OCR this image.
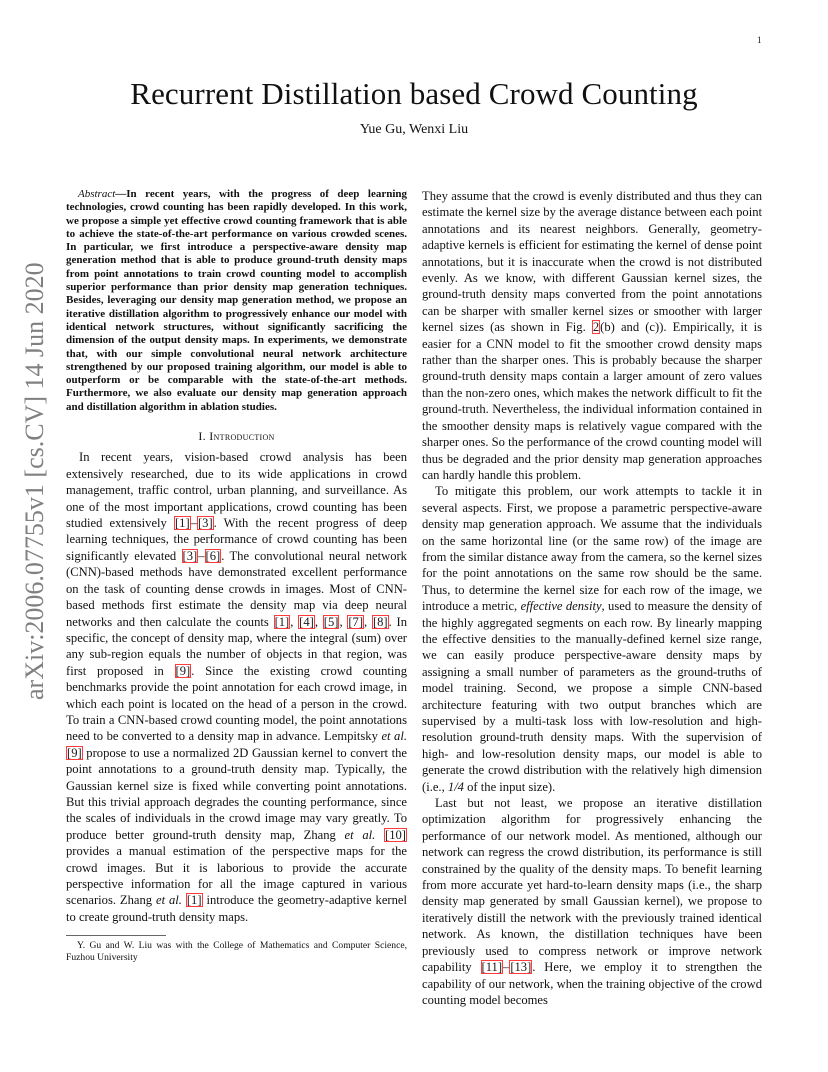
1
Recurrent Distillation based Crowd Counting
Yue Gu, Wenxi Liu
arXiv:2006.07755v1 [cs.CV] 14 Jun 2020

Abstract—In recent years, with the progress of deep learning technologies, crowd counting has been rapidly developed. In this work, we propose a simple yet effective crowd counting framework that is able to achieve the state-of-the-art performance on various crowded scenes. In particular, we first introduce a perspective-aware density map generation method that is able to produce ground-truth density maps from point annotations to train crowd counting model to accomplish superior performance than prior density map generation techniques. Besides, leveraging our density map generation method, we propose an iterative distillation algorithm to progressively enhance our model with identical network structures, without significantly sacrificing the dimension of the output density maps. In experiments, we demonstrate that, with our simple convolutional neural network architecture strengthened by our proposed training algorithm, our model is able to outperform or be comparable with the state-of-the-art methods. Furthermore, we also evaluate our density map generation approach and distillation algorithm in ablation studies.

I. Introduction

In recent years, vision-based crowd analysis has been extensively researched, due to its wide applications in crowd management, traffic control, urban planning, and surveillance. As one of the most important applications, crowd counting has been studied extensively [1]–[3]. With the recent progress of deep learning techniques, the performance of crowd counting has been significantly elevated [3]–[6]. The convolutional neural network (CNN)-based methods have demonstrated excellent performance on the task of counting dense crowds in images. Most of CNN-based methods first estimate the density map via deep neural networks and then calculate the counts [1], [4], [5], [7], [8]. In specific, the concept of density map, where the integral (sum) over any sub-region equals the number of objects in that region, was first proposed in [9]. Since the existing crowd counting benchmarks provide the point annotation for each crowd image, in which each point is located on the head of a person in the crowd. To train a CNN-based crowd counting model, the point annotations need to be converted to a density map in advance. Lempitsky et al. [9] propose to use a normalized 2D Gaussian kernel to convert the point annotations to a ground-truth density map. Typically, the Gaussian kernel size is fixed while converting point annotations. But this trivial approach degrades the counting performance, since the scales of individuals in the crowd image may vary greatly. To produce better ground-truth density map, Zhang et al. [10] provides a manual estimation of the perspective maps for the crowd images. But it is laborious to provide the accurate perspective information for all the image captured in various scenarios. Zhang et al. [1] introduce the geometry-adaptive kernel to create ground-truth density maps.

Y. Gu and W. Liu was with the College of Mathematics and Computer Science, Fuzhou University

They assume that the crowd is evenly distributed and thus they can estimate the kernel size by the average distance between each point annotations and its nearest neighbors. Generally, geometry-adaptive kernels is efficient for estimating the kernel of dense point annotations, but it is inaccurate when the crowd is not distributed evenly. As we know, with different Gaussian kernel sizes, the ground-truth density maps converted from the point annotations can be sharper with smaller kernel sizes or smoother with larger kernel sizes (as shown in Fig. 2(b) and (c)). Empirically, it is easier for a CNN model to fit the smoother crowd density maps rather than the sharper ones. This is probably because the sharper ground-truth density maps contain a larger amount of zero values than the non-zero ones, which makes the network difficult to fit the ground-truth. Nevertheless, the individual information contained in the smoother density maps is relatively vague compared with the sharper ones. So the performance of the crowd counting model will thus be degraded and the prior density map generation approaches can hardly handle this problem.

To mitigate this problem, our work attempts to tackle it in several aspects. First, we propose a parametric perspective-aware density map generation approach. We assume that the individuals on the same horizontal line (or the same row) of the image are from the similar distance away from the camera, so the kernel sizes for the point annotations on the same row should be the same. Thus, to determine the kernel size for each row of the image, we introduce a metric, effective density, used to measure the density of the highly aggregated segments on each row. By linearly mapping the effective densities to the manually-defined kernel size range, we can easily produce perspective-aware density maps by assigning a small number of parameters as the ground-truths of model training. Second, we propose a simple CNN-based architecture featuring with two output branches which are supervised by a multi-task loss with low-resolution and high-resolution ground-truth density maps. With the supervision of high- and low-resolution density maps, our model is able to generate the crowd distribution with the relatively high dimension (i.e., 1/4 of the input size).

Last but not least, we propose an iterative distillation optimization algorithm for progressively enhancing the performance of our network model. As mentioned, although our network can regress the crowd distribution, its performance is still constrained by the quality of the density maps. To benefit learning from more accurate yet hard-to-learn density maps (i.e., the sharp density map generated by small Gaussian kernel), we propose to iteratively distill the network with the previously trained identical network. As known, the distillation techniques have been previously used to compress network or improve network capability [11]–[13]. Here, we employ it to strengthen the capability of our network, when the training objective of the crowd counting model becomes
